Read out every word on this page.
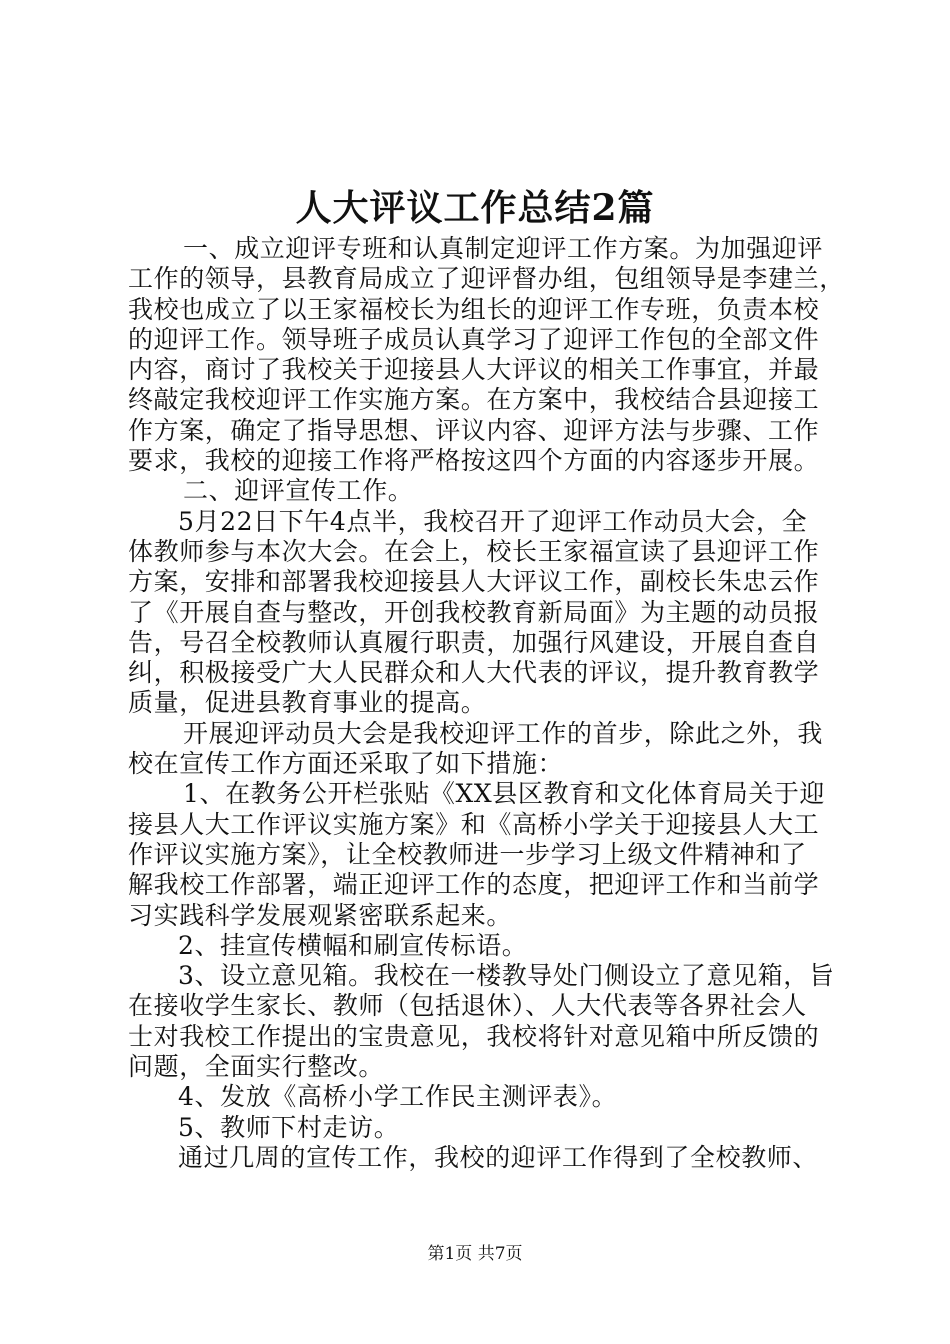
人大评议工作总结2篇
一、成立迎评专班和认真制定迎评工作方案。为加强迎评
工作的领导，县教育局成立了迎评督办组，包组领导是李建兰，
我校也成立了以王家福校长为组长的迎评工作专班，负责本校
的迎评工作。领导班子成员认真学习了迎评工作包的全部文件
内容，商讨了我校关于迎接县人大评议的相关工作事宜，并最
终敲定我校迎评工作实施方案。在方案中，我校结合县迎接工
作方案，确定了指导思想、评议内容、迎评方法与步骤、工作
要求，我校的迎接工作将严格按这四个方面的内容逐步开展。
二、迎评宣传工作。
5月22日下午4点半，我校召开了迎评工作动员大会，全
体教师参与本次大会。在会上，校长王家福宣读了县迎评工作
方案，安排和部署我校迎接县人大评议工作，副校长朱忠云作
了《开展自查与整改，开创我校教育新局面》为主题的动员报
告，号召全校教师认真履行职责，加强行风建设，开展自查自
纠，积极接受广大人民群众和人大代表的评议，提升教育教学
质量，促进县教育事业的提高。
开展迎评动员大会是我校迎评工作的首步，除此之外，我
校在宣传工作方面还采取了如下措施：
1、在教务公开栏张贴《XX县区教育和文化体育局关于迎
接县人大工作评议实施方案》和《高桥小学关于迎接县人大工
作评议实施方案》，让全校教师进一步学习上级文件精神和了
解我校工作部署，端正迎评工作的态度，把迎评工作和当前学
习实践科学发展观紧密联系起来。
2、挂宣传横幅和刷宣传标语。
3、设立意见箱。我校在一楼教导处门侧设立了意见箱，旨
在接收学生家长、教师（包括退休）、人大代表等各界社会人
士对我校工作提出的宝贵意见，我校将针对意见箱中所反馈的
问题，全面实行整改。
4、发放《高桥小学工作民主测评表》。
5、教师下村走访。
通过几周的宣传工作，我校的迎评工作得到了全校教师、
第1页 共7页
